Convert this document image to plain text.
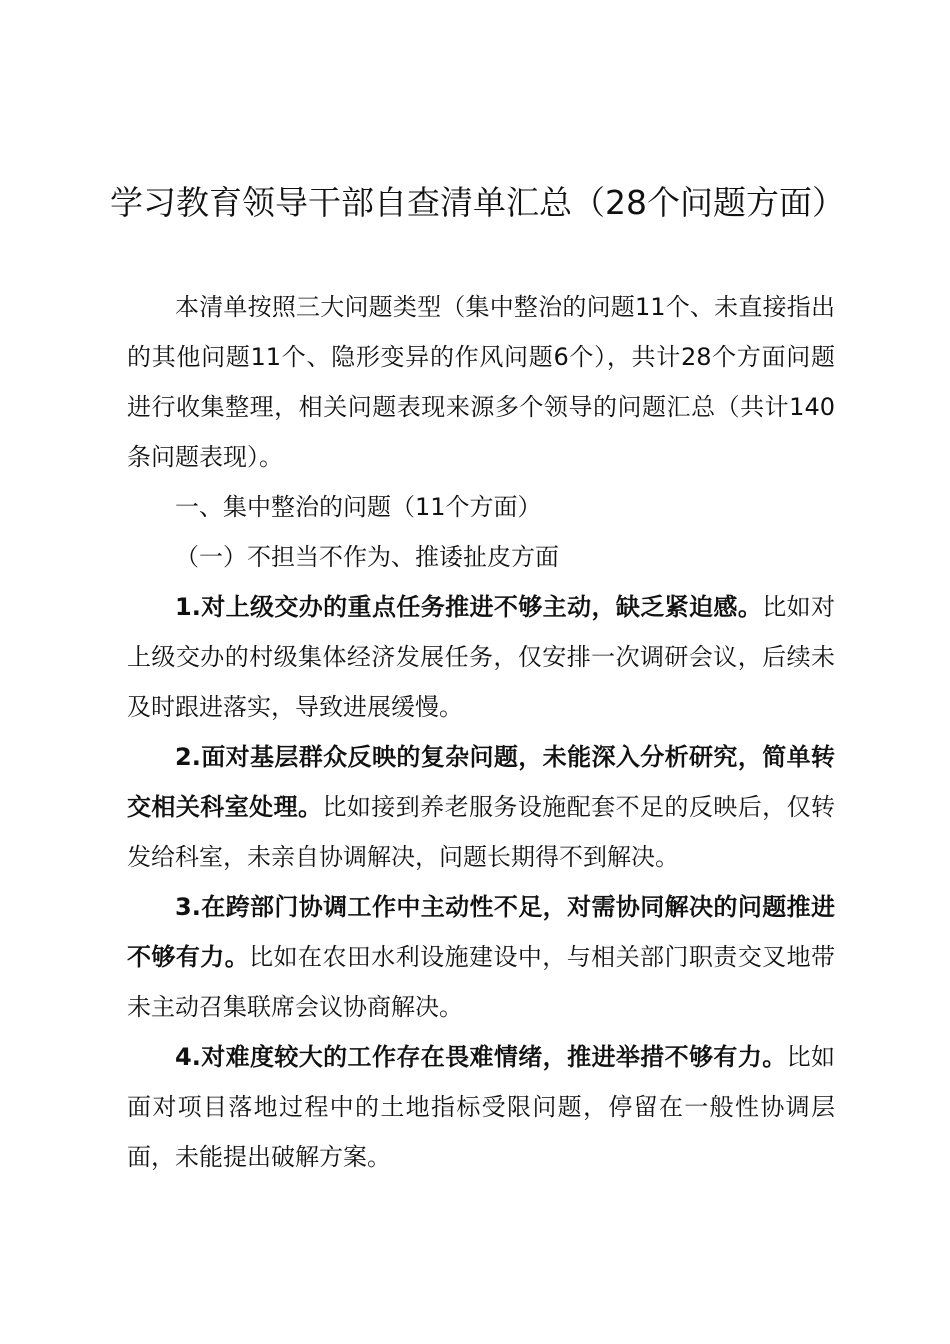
学习教育领导干部自查清单汇总（28个问题方面）

本清单按照三大问题类型（集中整治的问题11个、未直接指出的其他问题11个、隐形变异的作风问题6个），共计28个方面问题进行收集整理，相关问题表现来源多个领导的问题汇总（共计140条问题表现）。

一、集中整治的问题（11个方面）

（一）不担当不作为、推诿扯皮方面

1.对上级交办的重点任务推进不够主动，缺乏紧迫感。比如对上级交办的村级集体经济发展任务，仅安排一次调研会议，后续未及时跟进落实，导致进展缓慢。

2.面对基层群众反映的复杂问题，未能深入分析研究，简单转交相关科室处理。比如接到养老服务设施配套不足的反映后，仅转发给科室，未亲自协调解决，问题长期得不到解决。

3.在跨部门协调工作中主动性不足，对需协同解决的问题推进不够有力。比如在农田水利设施建设中，与相关部门职责交叉地带未主动召集联席会议协商解决。

4.对难度较大的工作存在畏难情绪，推进举措不够有力。比如面对项目落地过程中的土地指标受限问题，停留在一般性协调层面，未能提出破解方案。
